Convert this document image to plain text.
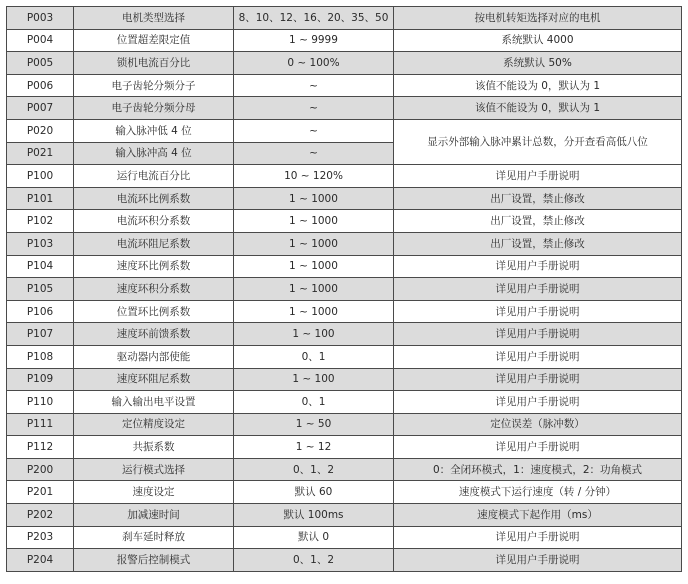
P003	电机类型选择	8、10、12、16、20、35、50	按电机转矩选择对应的电机
P004	位置超差限定值	1 ~ 9999	系统默认 4000
P005	锁机电流百分比	0 ~ 100%	系统默认 50%
P006	电子齿轮分频分子	~	该值不能设为 0，默认为 1
P007	电子齿轮分频分母	~	该值不能设为 0，默认为 1
P020	输入脉冲低 4 位	~	显示外部输入脉冲累计总数，分开查看高低八位
P021	输入脉冲高 4 位	~	
P100	运行电流百分比	10 ~ 120%	详见用户手册说明
P101	电流环比例系数	1 ~ 1000	出厂设置，禁止修改
P102	电流环积分系数	1 ~ 1000	出厂设置，禁止修改
P103	电流环阻尼系数	1 ~ 1000	出厂设置，禁止修改
P104	速度环比例系数	1 ~ 1000	详见用户手册说明
P105	速度环积分系数	1 ~ 1000	详见用户手册说明
P106	位置环比例系数	1 ~ 1000	详见用户手册说明
P107	速度环前馈系数	1 ~ 100	详见用户手册说明
P108	驱动器内部使能	0、1	详见用户手册说明
P109	速度环阻尼系数	1 ~ 100	详见用户手册说明
P110	输入输出电平设置	0、1	详见用户手册说明
P111	定位精度设定	1 ~ 50	定位误差（脉冲数）
P112	共振系数	1 ~ 12	详见用户手册说明
P200	运行模式选择	0、1、2	0：全闭环模式，1：速度模式，2：功角模式
P201	速度设定	默认 60	速度模式下运行速度（转 / 分钟）
P202	加减速时间	默认 100ms	速度模式下起作用（ms）
P203	刹车延时释放	默认 0	详见用户手册说明
P204	报警后控制模式	0、1、2	详见用户手册说明
